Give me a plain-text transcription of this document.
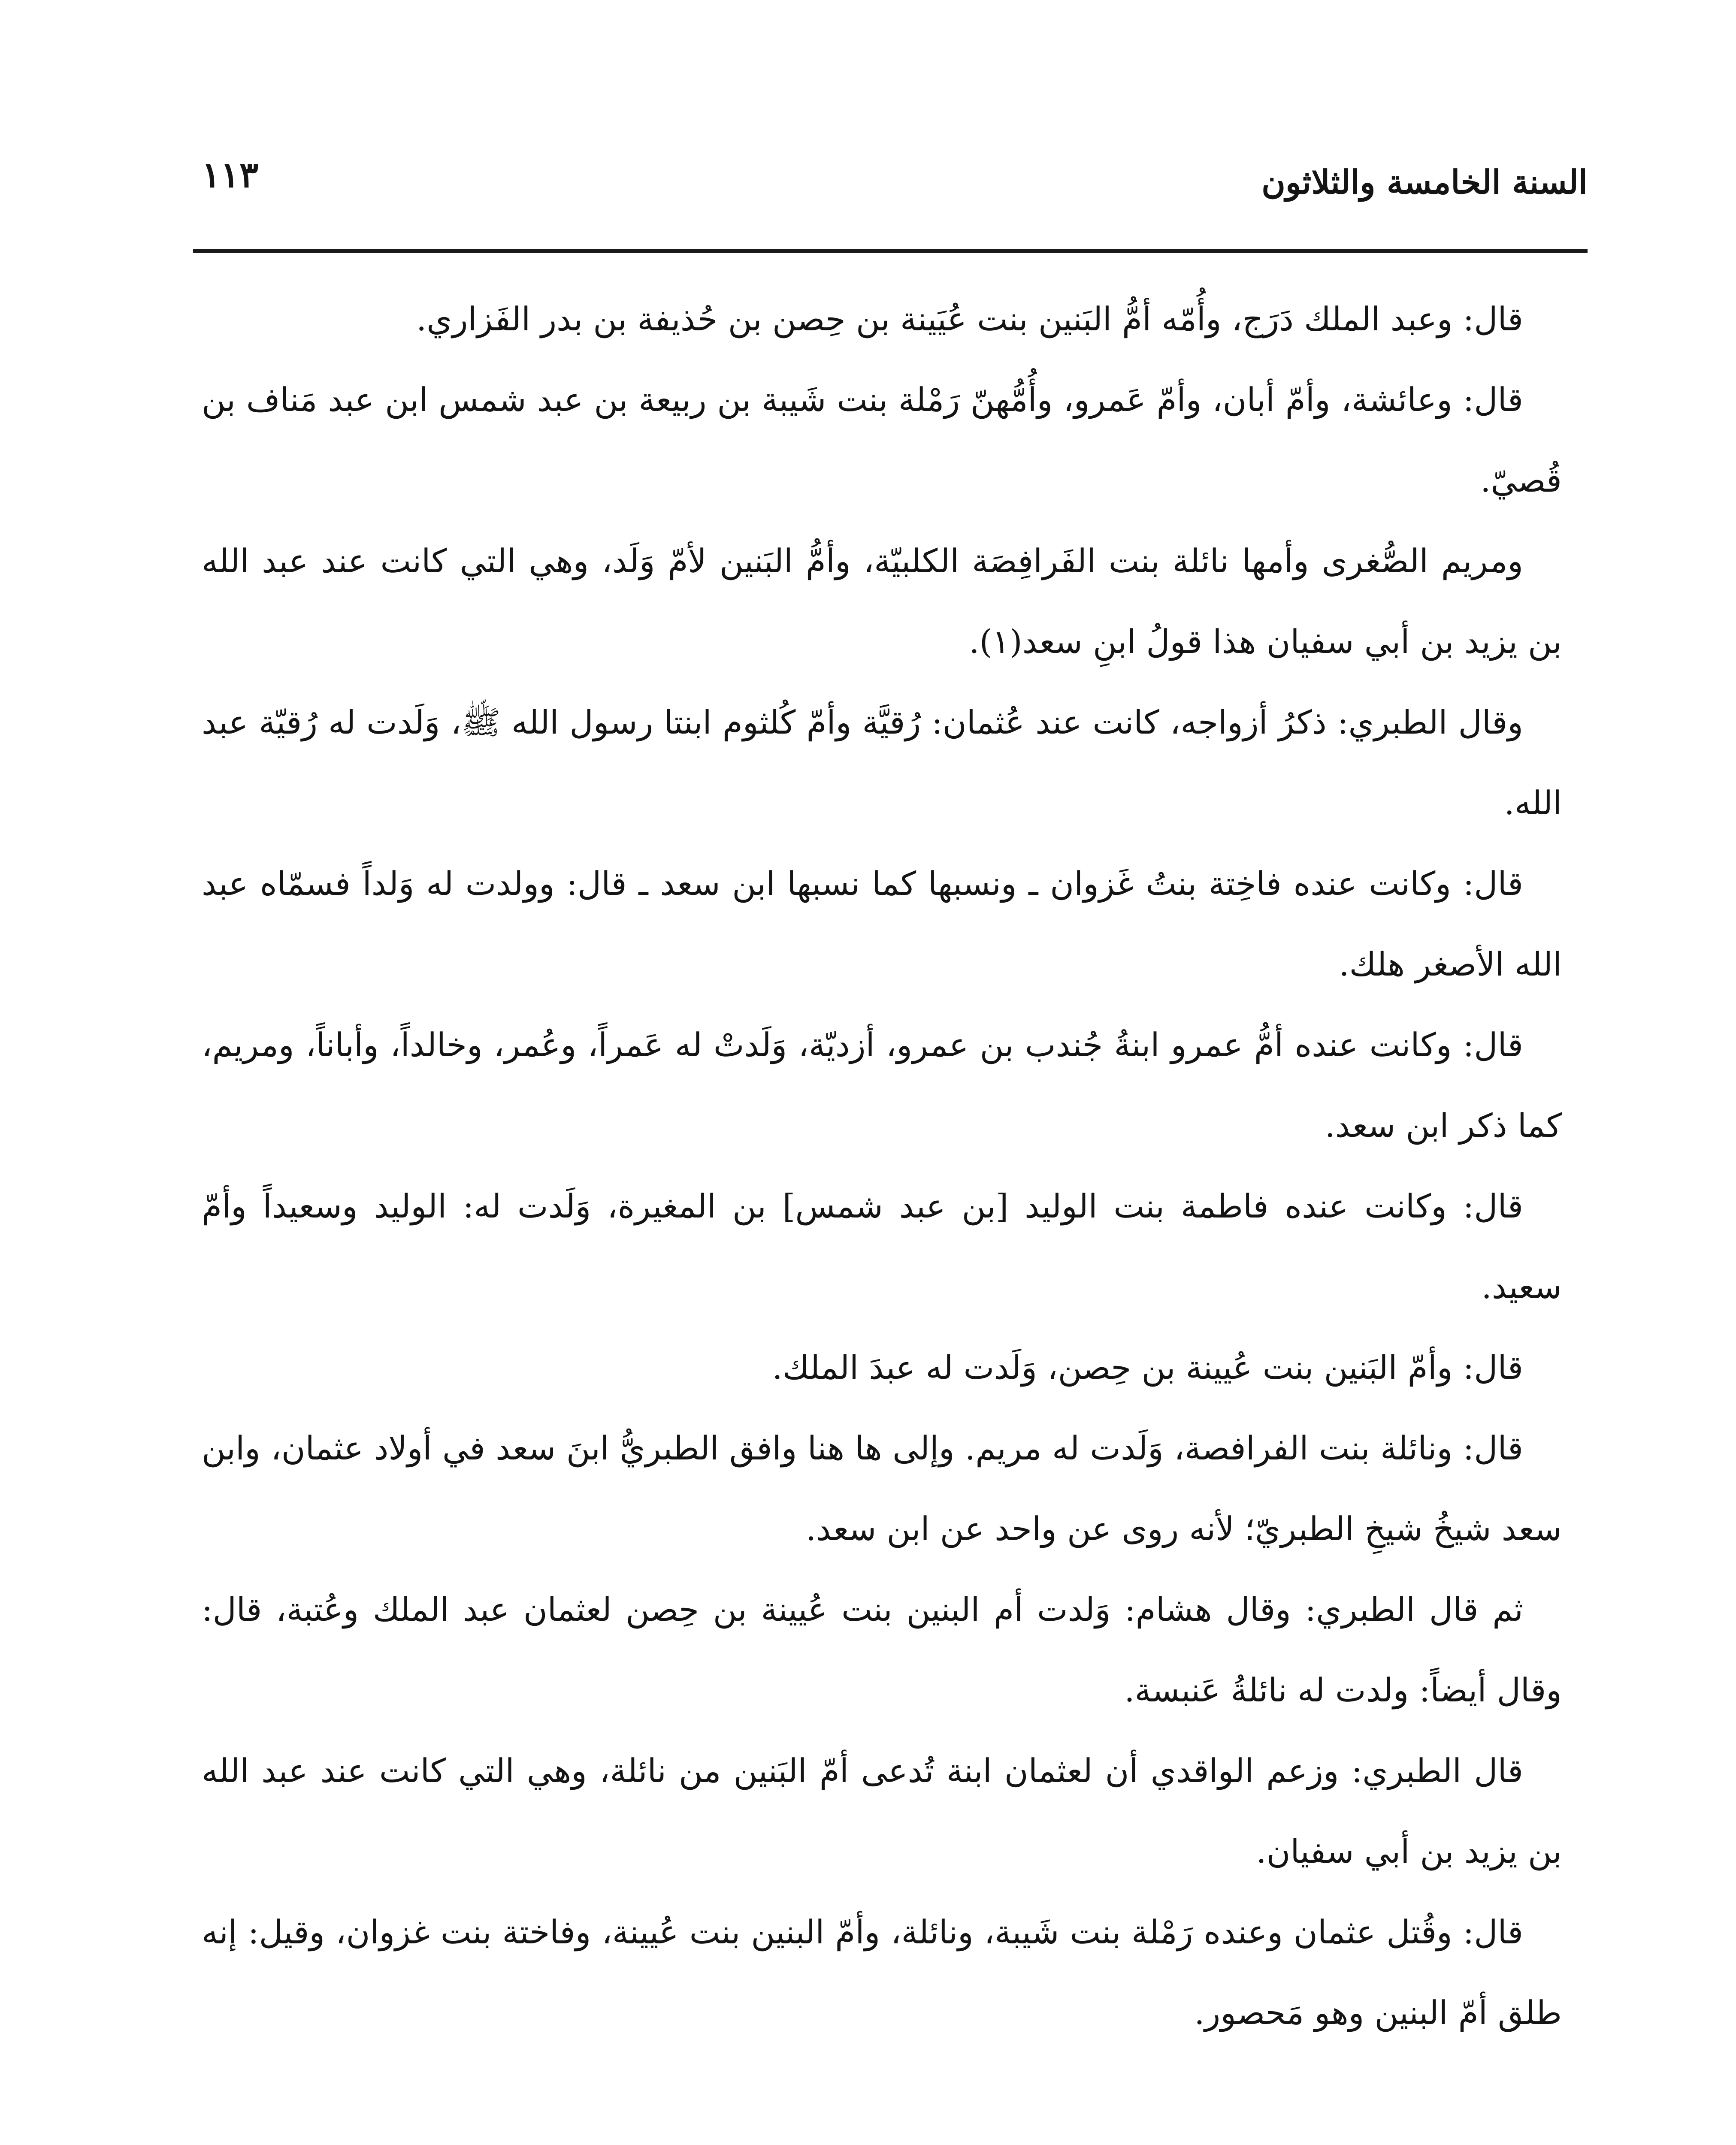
السنة الخامسة والثلاثون
١١٣

قال: وعبد الملك دَرَج، وأُمّه أمُّ البَنين بنت عُيَينة بن حِصن بن حُذيفة بن بدر الفَزاري.

قال: وعائشة، وأمّ أبان، وأمّ عَمرو، وأُمُّهنّ رَمْلة بنت شَيبة بن ربيعة بن عبد شمس ابن عبد مَناف بن قُصيّ.

ومريم الصُّغرى وأمها نائلة بنت الفَرافِصَة الكلبيّة، وأمُّ البَنين لأمّ وَلَد، وهي التي كانت عند عبد الله بن يزيد بن أبي سفيان هذا قولُ ابنِ سعد(١).

وقال الطبري: ذكرُ أزواجه، كانت عند عُثمان: رُقيَّة وأمّ كُلثوم ابنتا رسول الله ﷺ، وَلَدت له رُقيّة عبد الله.

قال: وكانت عنده فاخِتة بنتُ غَزوان ـ ونسبها كما نسبها ابن سعد ـ قال: وولدت له وَلداً فسمّاه عبد الله الأصغر هلك.

قال: وكانت عنده أمُّ عمرو ابنةُ جُندب بن عمرو، أزديّة، وَلَدتْ له عَمراً، وعُمر، وخالداً، وأباناً، ومريم، كما ذكر ابن سعد.

قال: وكانت عنده فاطمة بنت الوليد [بن عبد شمس] بن المغيرة، وَلَدت له: الوليد وسعيداً وأمّ سعيد.

قال: وأمّ البَنين بنت عُيينة بن حِصن، وَلَدت له عبدَ الملك.

قال: ونائلة بنت الفرافصة، وَلَدت له مريم. وإلى ها هنا وافق الطبريُّ ابنَ سعد في أولاد عثمان، وابن سعد شيخُ شيخِ الطبريّ؛ لأنه روى عن واحد عن ابن سعد.

ثم قال الطبري: وقال هشام: وَلدت أم البنين بنت عُيينة بن حِصن لعثمان عبد الملك وعُتبة، قال: وقال أيضاً: ولدت له نائلةُ عَنبسة.

قال الطبري: وزعم الواقدي أن لعثمان ابنة تُدعى أمّ البَنين من نائلة، وهي التي كانت عند عبد الله بن يزيد بن أبي سفيان.

قال: وقُتل عثمان وعنده رَمْلة بنت شَيبة، ونائلة، وأمّ البنين بنت عُيينة، وفاختة بنت غزوان، وقيل: إنه طلق أمّ البنين وهو مَحصور.
